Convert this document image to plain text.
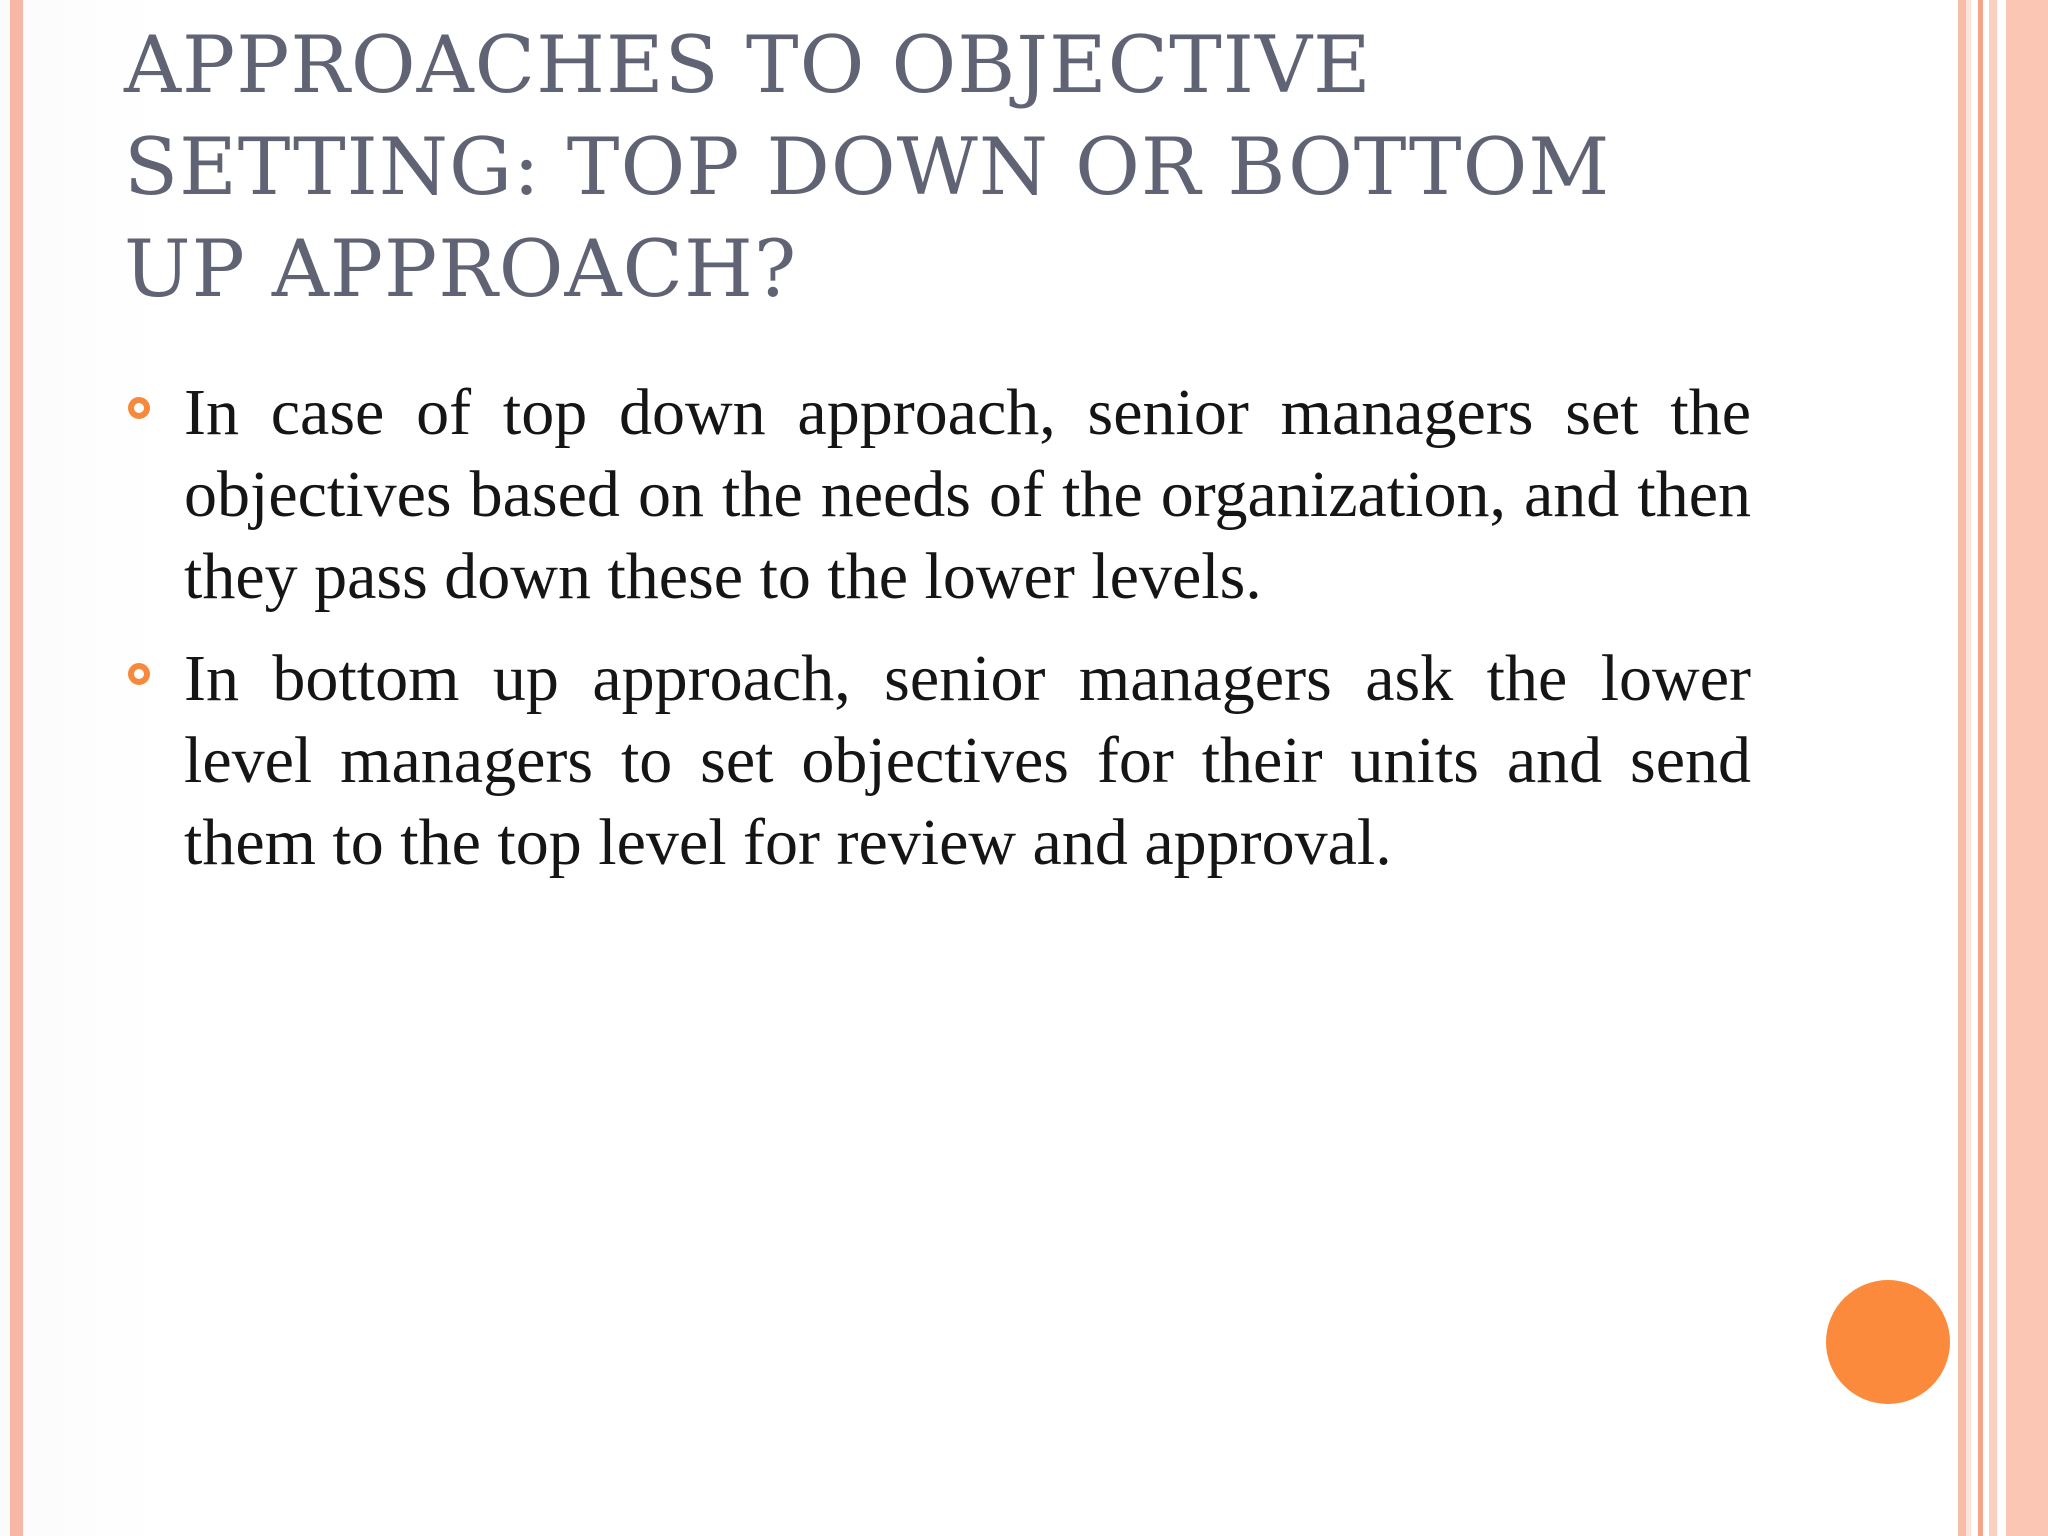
APPROACHES TO OBJECTIVE SETTING: TOP DOWN OR BOTTOM UP APPROACH?
In case of top down approach, senior managers set the objectives based on the needs of the organization, and then they pass down these to the lower levels.
In bottom up approach, senior managers ask the lower level managers to set objectives for their units and send them to the top level for review and approval.
